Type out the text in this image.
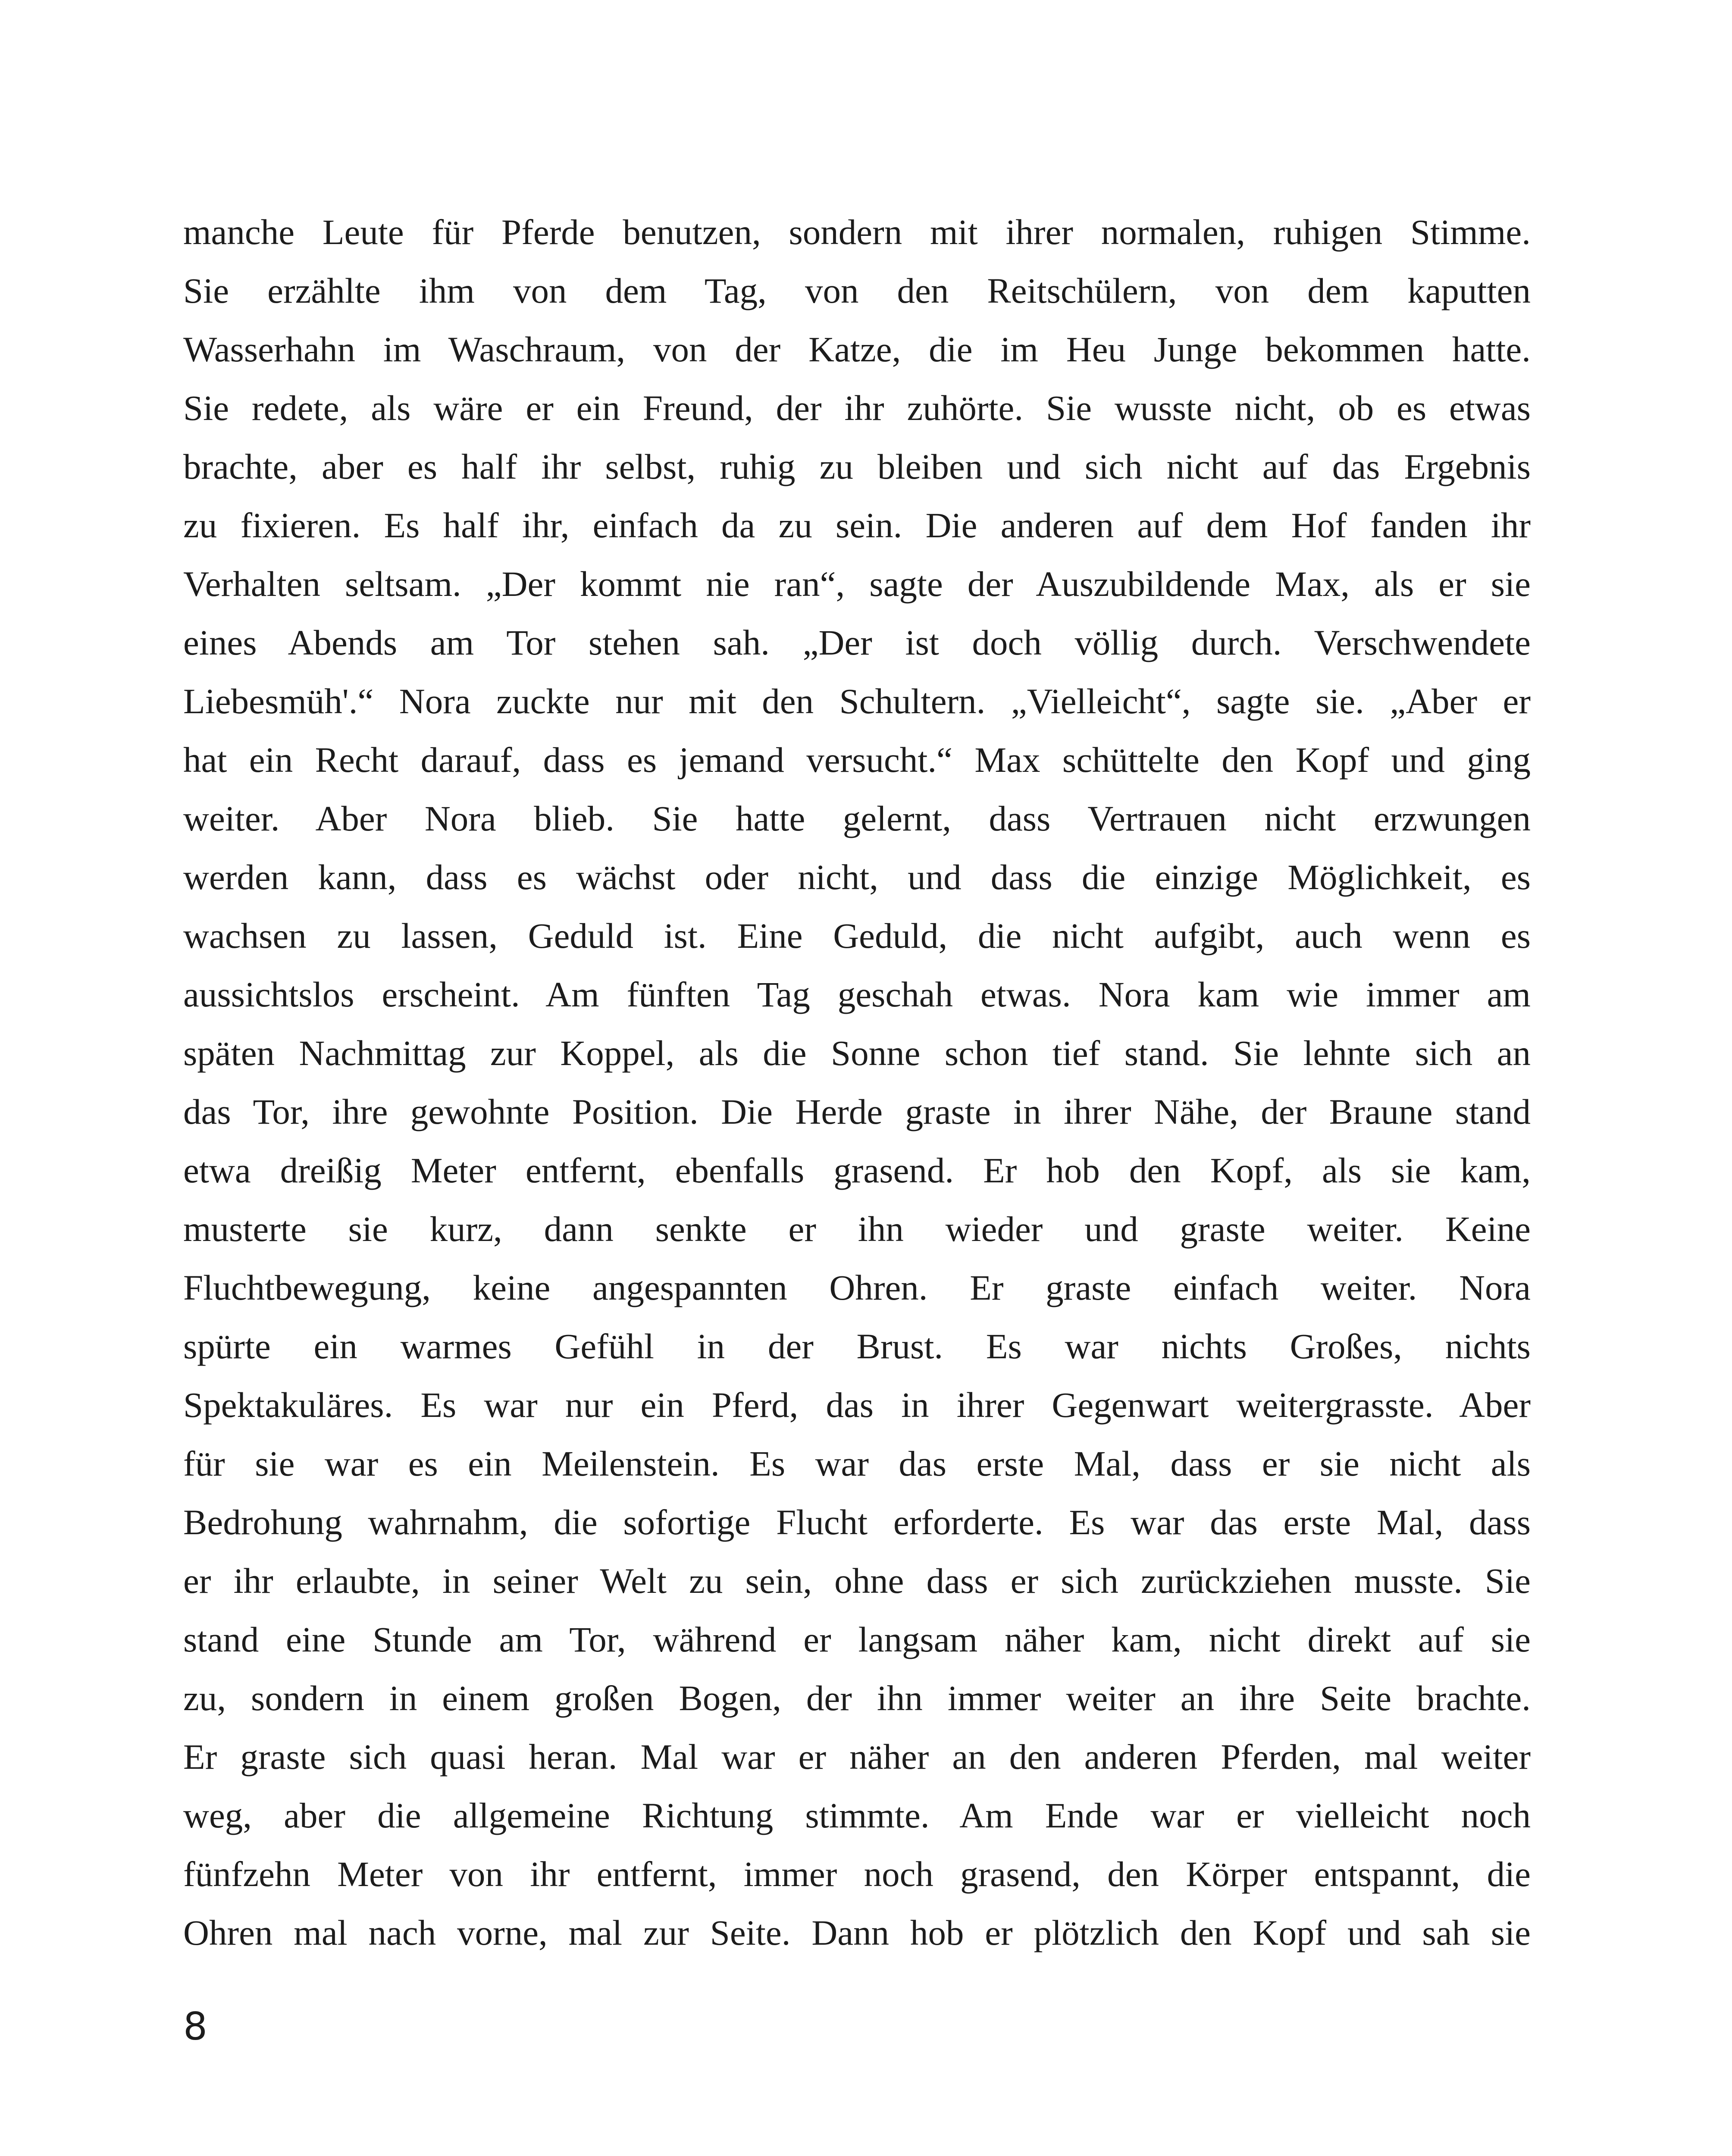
manche Leute für Pferde benutzen, sondern mit ihrer normalen, ruhigen Stimme.
Sie erzählte ihm von dem Tag, von den Reitschülern, von dem kaputten
Wasserhahn im Waschraum, von der Katze, die im Heu Junge bekommen hatte.
Sie redete, als wäre er ein Freund, der ihr zuhörte. Sie wusste nicht, ob es etwas
brachte, aber es half ihr selbst, ruhig zu bleiben und sich nicht auf das Ergebnis
zu fixieren. Es half ihr, einfach da zu sein. Die anderen auf dem Hof fanden ihr
Verhalten seltsam. „Der kommt nie ran“, sagte der Auszubildende Max, als er sie
eines Abends am Tor stehen sah. „Der ist doch völlig durch. Verschwendete
Liebesmüh'.“ Nora zuckte nur mit den Schultern. „Vielleicht“, sagte sie. „Aber er
hat ein Recht darauf, dass es jemand versucht.“ Max schüttelte den Kopf und ging
weiter. Aber Nora blieb. Sie hatte gelernt, dass Vertrauen nicht erzwungen
werden kann, dass es wächst oder nicht, und dass die einzige Möglichkeit, es
wachsen zu lassen, Geduld ist. Eine Geduld, die nicht aufgibt, auch wenn es
aussichtslos erscheint. Am fünften Tag geschah etwas. Nora kam wie immer am
späten Nachmittag zur Koppel, als die Sonne schon tief stand. Sie lehnte sich an
das Tor, ihre gewohnte Position. Die Herde graste in ihrer Nähe, der Braune stand
etwa dreißig Meter entfernt, ebenfalls grasend. Er hob den Kopf, als sie kam,
musterte sie kurz, dann senkte er ihn wieder und graste weiter. Keine
Fluchtbewegung, keine angespannten Ohren. Er graste einfach weiter. Nora
spürte ein warmes Gefühl in der Brust. Es war nichts Großes, nichts
Spektakuläres. Es war nur ein Pferd, das in ihrer Gegenwart weitergrasste. Aber
für sie war es ein Meilenstein. Es war das erste Mal, dass er sie nicht als
Bedrohung wahrnahm, die sofortige Flucht erforderte. Es war das erste Mal, dass
er ihr erlaubte, in seiner Welt zu sein, ohne dass er sich zurückziehen musste. Sie
stand eine Stunde am Tor, während er langsam näher kam, nicht direkt auf sie
zu, sondern in einem großen Bogen, der ihn immer weiter an ihre Seite brachte.
Er graste sich quasi heran. Mal war er näher an den anderen Pferden, mal weiter
weg, aber die allgemeine Richtung stimmte. Am Ende war er vielleicht noch
fünfzehn Meter von ihr entfernt, immer noch grasend, den Körper entspannt, die
Ohren mal nach vorne, mal zur Seite. Dann hob er plötzlich den Kopf und sah sie
8
